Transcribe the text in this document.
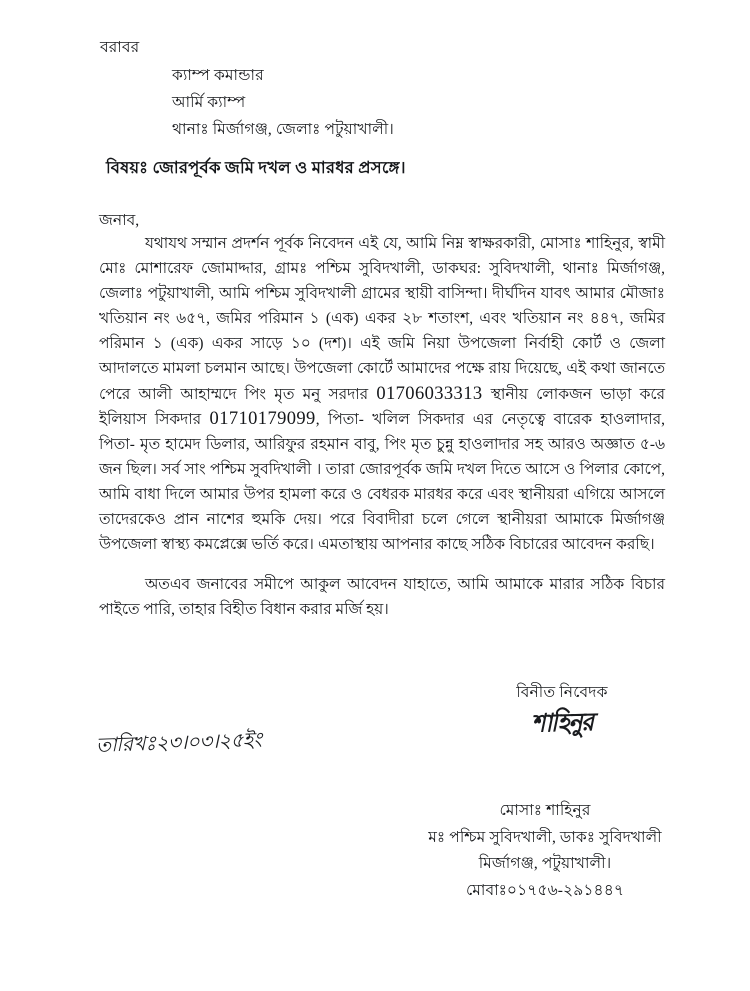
বরাবর
ক্যাম্প কমান্ডার
আর্মি ক্যাম্প
থানাঃ মির্জাগঞ্জ, জেলাঃ পটুয়াখালী।
বিষয়ঃ জোরপূর্বক জমি দখল ও মারধর প্রসঙ্গে।
জনাব,

যথাযথ সম্মান প্রদর্শন পূর্বক নিবেদন এই যে, আমি নিম্ন স্বাক্ষরকারী, মোসাঃ শাহিনুর, স্বামী মোঃ মোশারেফ জোমাদ্দার, গ্রামঃ পশ্চিম সুবিদখালী, ডাকঘর: সুবিদখালী, থানাঃ মির্জাগঞ্জ, জেলাঃ পটুয়াখালী, আমি পশ্চিম সুবিদখালী গ্রামের স্থায়ী বাসিন্দা। দীর্ঘদিন যাবৎ আমার মৌজাঃ খতিয়ান নং ৬৫৭, জমির পরিমান ১ (এক) একর ২৮ শতাংশ, এবং খতিয়ান নং ৪৪৭, জমির পরিমান ১ (এক) একর সাড়ে ১০ (দশ)। এই জমি নিয়া উপজেলা নির্বাহী কোর্ট ও জেলা আদালতে মামলা চলমান আছে। উপজেলা কোর্টে আমাদের পক্ষে রায় দিয়েছে, এই কথা জানতে পেরে আলী আহাম্মদে পিং মৃত মনু সরদার 01706033313 স্থানীয় লোকজন ভাড়া করে ইলিয়াস সিকদার 01710179099, পিতা- খলিল সিকদার এর নেতৃত্বে বারেক হাওলাদার, পিতা- মৃত হামেদ ডিলার, আরিফুর রহমান বাবু, পিং মৃত চুন্নু হাওলাদার সহ আরও অজ্ঞাত ৫-৬ জন ছিল। সর্ব সাং পশ্চিম সুবদিখালী । তারা জোরপূর্বক জমি দখল দিতে আসে ও পিলার কোপে, আমি বাধা দিলে আমার উপর হামলা করে ও বেধরক মারধর করে এবং স্থানীয়রা এগিয়ে আসলে তাদেরকেও প্রান নাশের হুমকি দেয়। পরে বিবাদীরা চলে গেলে স্থানীয়রা আমাকে মির্জাগঞ্জ উপজেলা স্বাস্থ্য কমপ্লেক্সে ভর্তি করে। এমতাস্থায় আপনার কাছে সঠিক বিচারের আবেদন করছি।

অতএব জনাবের সমীপে আকুল আবেদন যাহাতে, আমি আমাকে মারার সঠিক বিচার পাইতে পারি, তাহার বিহীত বিধান করার মর্জি হয়।

বিনীত নিবেদক
শাহিনুর
তারিখঃ২৩।০৩।২৫ইং
মোসাঃ শাহিনুর
মঃ পশ্চিম সুবিদখালী, ডাকঃ সুবিদখালী
মির্জাগঞ্জ, পটুয়াখালী।
মোবাঃ০১৭৫৬-২৯১৪৪৭
